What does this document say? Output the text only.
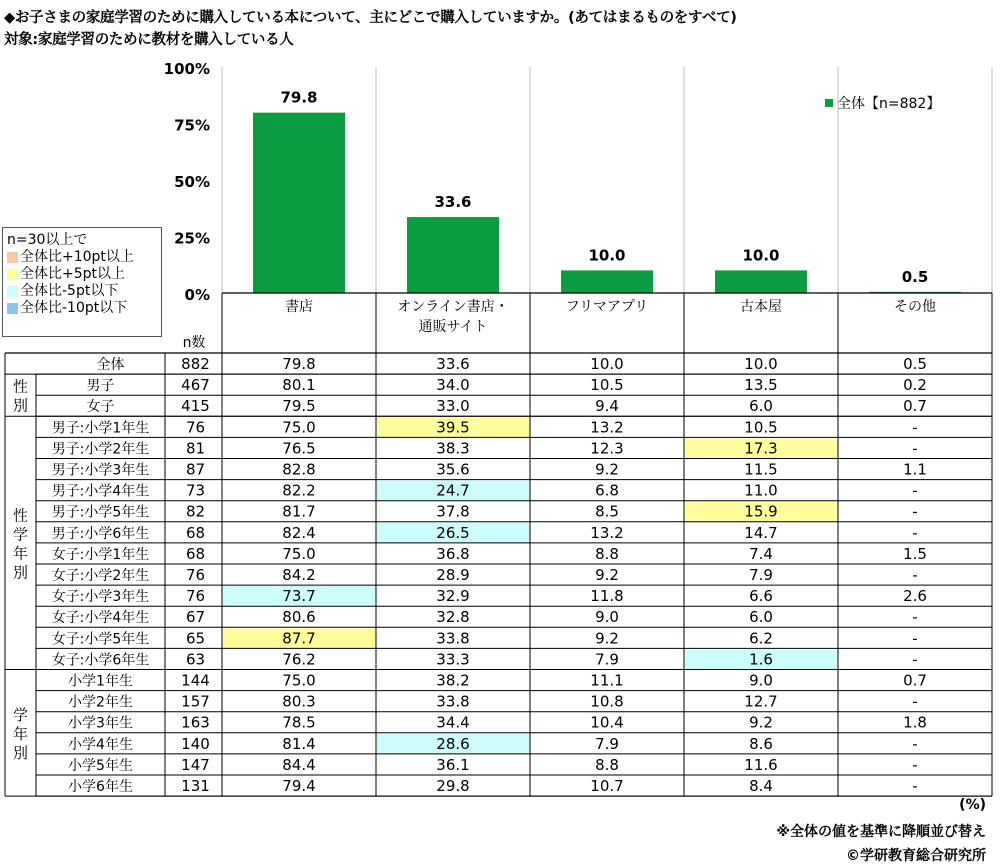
◆お子さまの家庭学習のために購入している本について、主にどこで購入していますか。(あてはまるものをすべて)
対象:家庭学習のために教材を購入している人
100%
75%
50%
25%
0%
79.8
33.6
10.0	10.0
0.5
全体【n=882】
書店	オンライン書店・
通販サイト
フリマアプリ	古本屋	その他
n数
全体	882	79.8	33.6	10.0	10.0	0.5
男子	467	80.1	34.0	10.5	13.5	0.2
女子	415	79.5	33.0	9.4	6.0	0.7
性
別
男子:小学1年生 76	75.0	39.5	13.2	10.5	-
男子:小学2年生 81	76.5	38.3	12.3	17.3	-
男子:小学3年生 87	82.8	35.6	9.2	11.5	1.1
男子:小学4年生 73	82.2	24.7	6.8	11.0	-
男子:小学5年生 82	81.7	37.8	8.5	15.9	-
男子:小学6年生 68	82.4	26.5	13.2	14.7	-
女子:小学1年生 68	75.0	36.8	8.8	7.4	1.5
女子:小学2年生 76	84.2	28.9	9.2	7.9	-
女子:小学3年生 76	73.7	32.9	11.8	6.6	2.6
女子:小学4年生 67	80.6	32.8	9.0	6.0	-
女子:小学5年生 65	87.7	33.8	9.2	6.2	-
女子:小学6年生 63	76.2	33.3	7.9	1.6	-
性
学
年
別
小学1年生	144	75.0	38.2	11.1	9.0	0.7
小学2年生	157	80.3	33.8	10.8	12.7	-
小学3年生	163	78.5	34.4	10.4	9.2	1.8
小学4年生	140	81.4	28.6	7.9	8.6	-
小学5年生	147	84.4	36.1	8.8	11.6	-
小学6年生	131	79.4	29.8	10.7	8.4	-
学
年
別
n=30以上で
全体比+10pt以上
全体比+5pt以上
全体比-5pt以下
全体比-10pt以下
(%)
※全体の値を基準に降順並び替え
©学研教育総合研究所
